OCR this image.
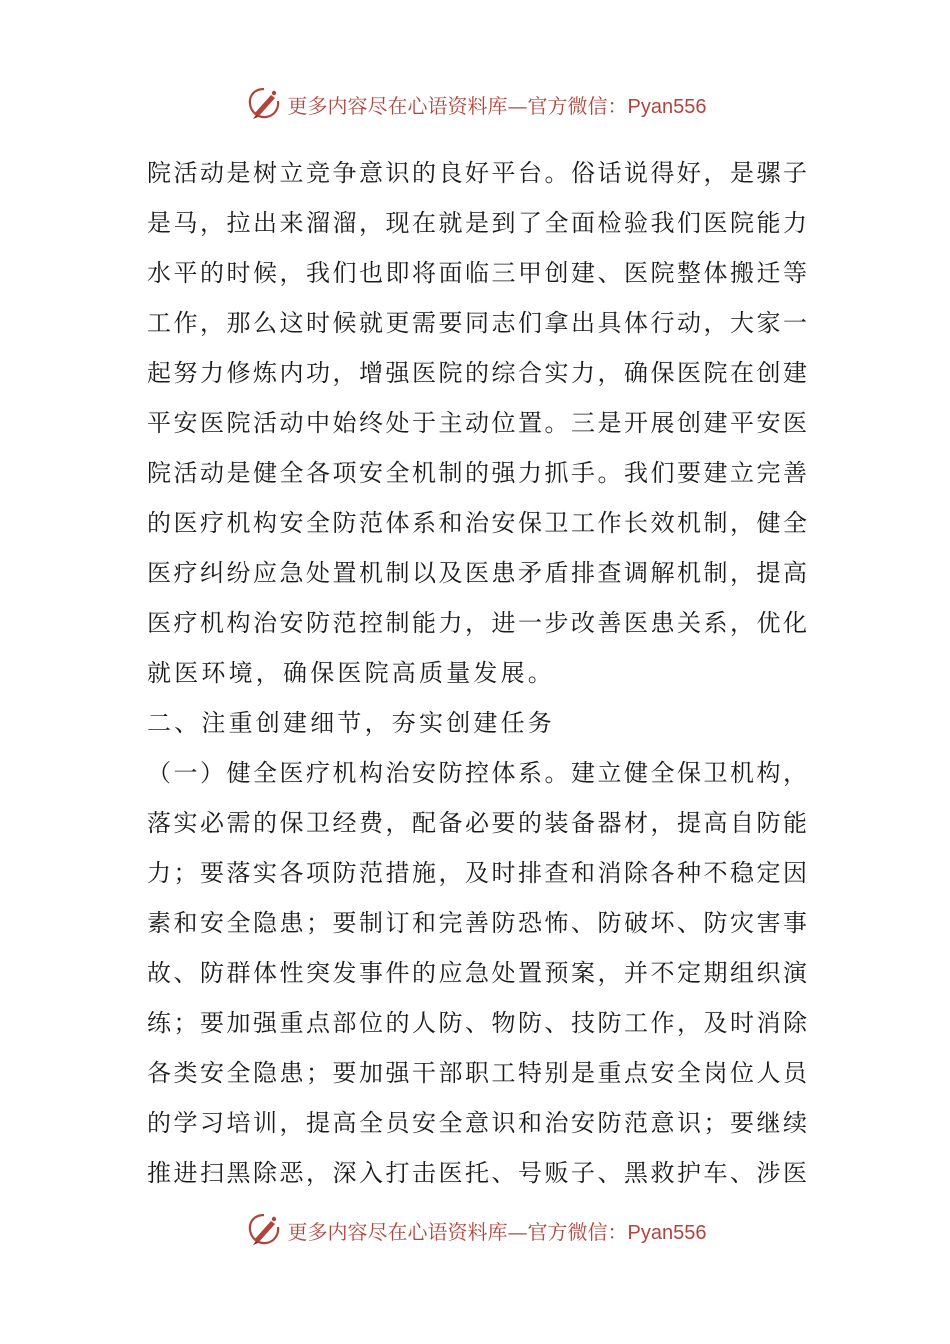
更多内容尽在心语资料库—官方微信：Pyan556
院活动是树立竞争意识的良好平台。俗话说得好，是骡子
是马，拉出来溜溜，现在就是到了全面检验我们医院能力
水平的时候，我们也即将面临三甲创建、医院整体搬迁等
工作，那么这时候就更需要同志们拿出具体行动，大家一
起努力修炼内功，增强医院的综合实力，确保医院在创建
平安医院活动中始终处于主动位置。三是开展创建平安医
院活动是健全各项安全机制的强力抓手。我们要建立完善
的医疗机构安全防范体系和治安保卫工作长效机制，健全
医疗纠纷应急处置机制以及医患矛盾排查调解机制，提高
医疗机构治安防范控制能力，进一步改善医患关系，优化
就医环境，确保医院高质量发展。
二、注重创建细节，夯实创建任务
（一）健全医疗机构治安防控体系。建立健全保卫机构，
落实必需的保卫经费，配备必要的装备器材，提高自防能
力；要落实各项防范措施，及时排查和消除各种不稳定因
素和安全隐患；要制订和完善防恐怖、防破坏、防灾害事
故、防群体性突发事件的应急处置预案，并不定期组织演
练；要加强重点部位的人防、物防、技防工作，及时消除
各类安全隐患；要加强干部职工特别是重点安全岗位人员
的学习培训，提高全员安全意识和治安防范意识；要继续
推进扫黑除恶，深入打击医托、号贩子、黑救护车、涉医
更多内容尽在心语资料库—官方微信：Pyan556
